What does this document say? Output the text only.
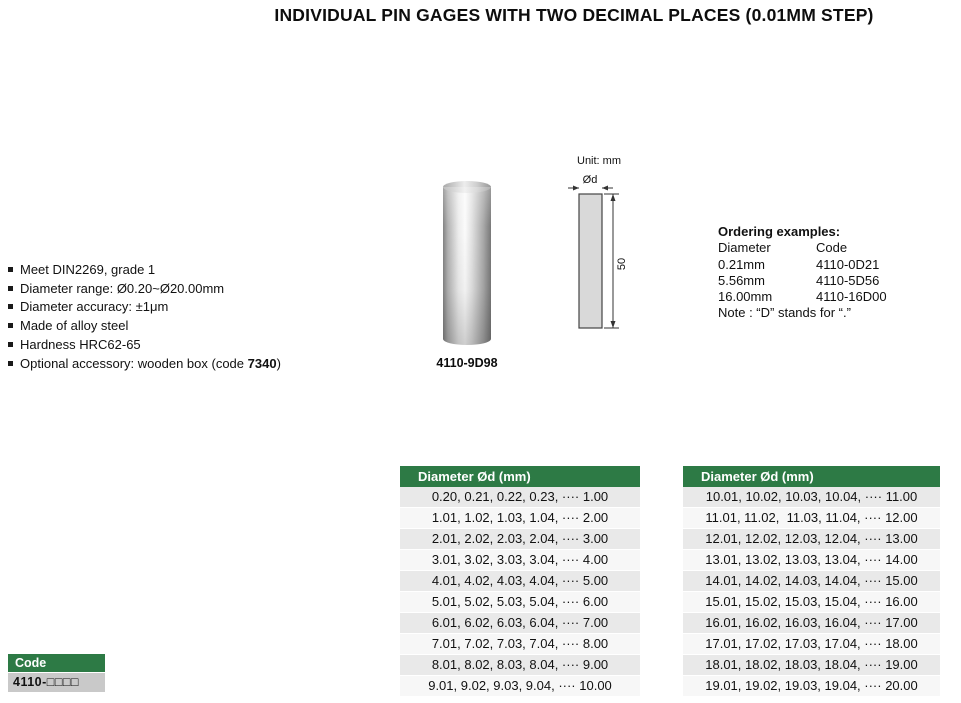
INDIVIDUAL PIN GAGES WITH TWO DECIMAL PLACES (0.01MM STEP)
Meet DIN2269, grade 1
Diameter range: Ø0.20~Ø20.00mm
Diameter accuracy: ±1μm
Made of alloy steel
Hardness HRC62-65
Optional accessory: wooden box (code 7340)	4110-9D98
Unit: mm
Ød
50
Ordering examples:
Diameter	Code
0.21mm	4110-0D21
5.56mm	4110-5D56
16.00mm	4110-16D00
Note : “D” stands for “.”
Code
4110-□□□□
Diameter Ød (mm)
0.20, 0.21, 0.22, 0.23, ···· 1.00
1.01, 1.02, 1.03, 1.04, ···· 2.00
2.01, 2.02, 2.03, 2.04, ···· 3.00
3.01, 3.02, 3.03, 3.04, ···· 4.00
4.01, 4.02, 4.03, 4.04, ···· 5.00
5.01, 5.02, 5.03, 5.04, ···· 6.00
6.01, 6.02, 6.03, 6.04, ···· 7.00
7.01, 7.02, 7.03, 7.04, ···· 8.00
8.01, 8.02, 8.03, 8.04, ···· 9.00
9.01, 9.02, 9.03, 9.04, ···· 10.00
Diameter Ød (mm)
10.01, 10.02, 10.03, 10.04, ···· 11.00
11.01, 11.02,  11.03, 11.04, ···· 12.00
12.01, 12.02, 12.03, 12.04, ···· 13.00
13.01, 13.02, 13.03, 13.04, ···· 14.00
14.01, 14.02, 14.03, 14.04, ···· 15.00
15.01, 15.02, 15.03, 15.04, ···· 16.00
16.01, 16.02, 16.03, 16.04, ···· 17.00
17.01, 17.02, 17.03, 17.04, ···· 18.00
18.01, 18.02, 18.03, 18.04, ···· 19.00
19.01, 19.02, 19.03, 19.04, ···· 20.00
